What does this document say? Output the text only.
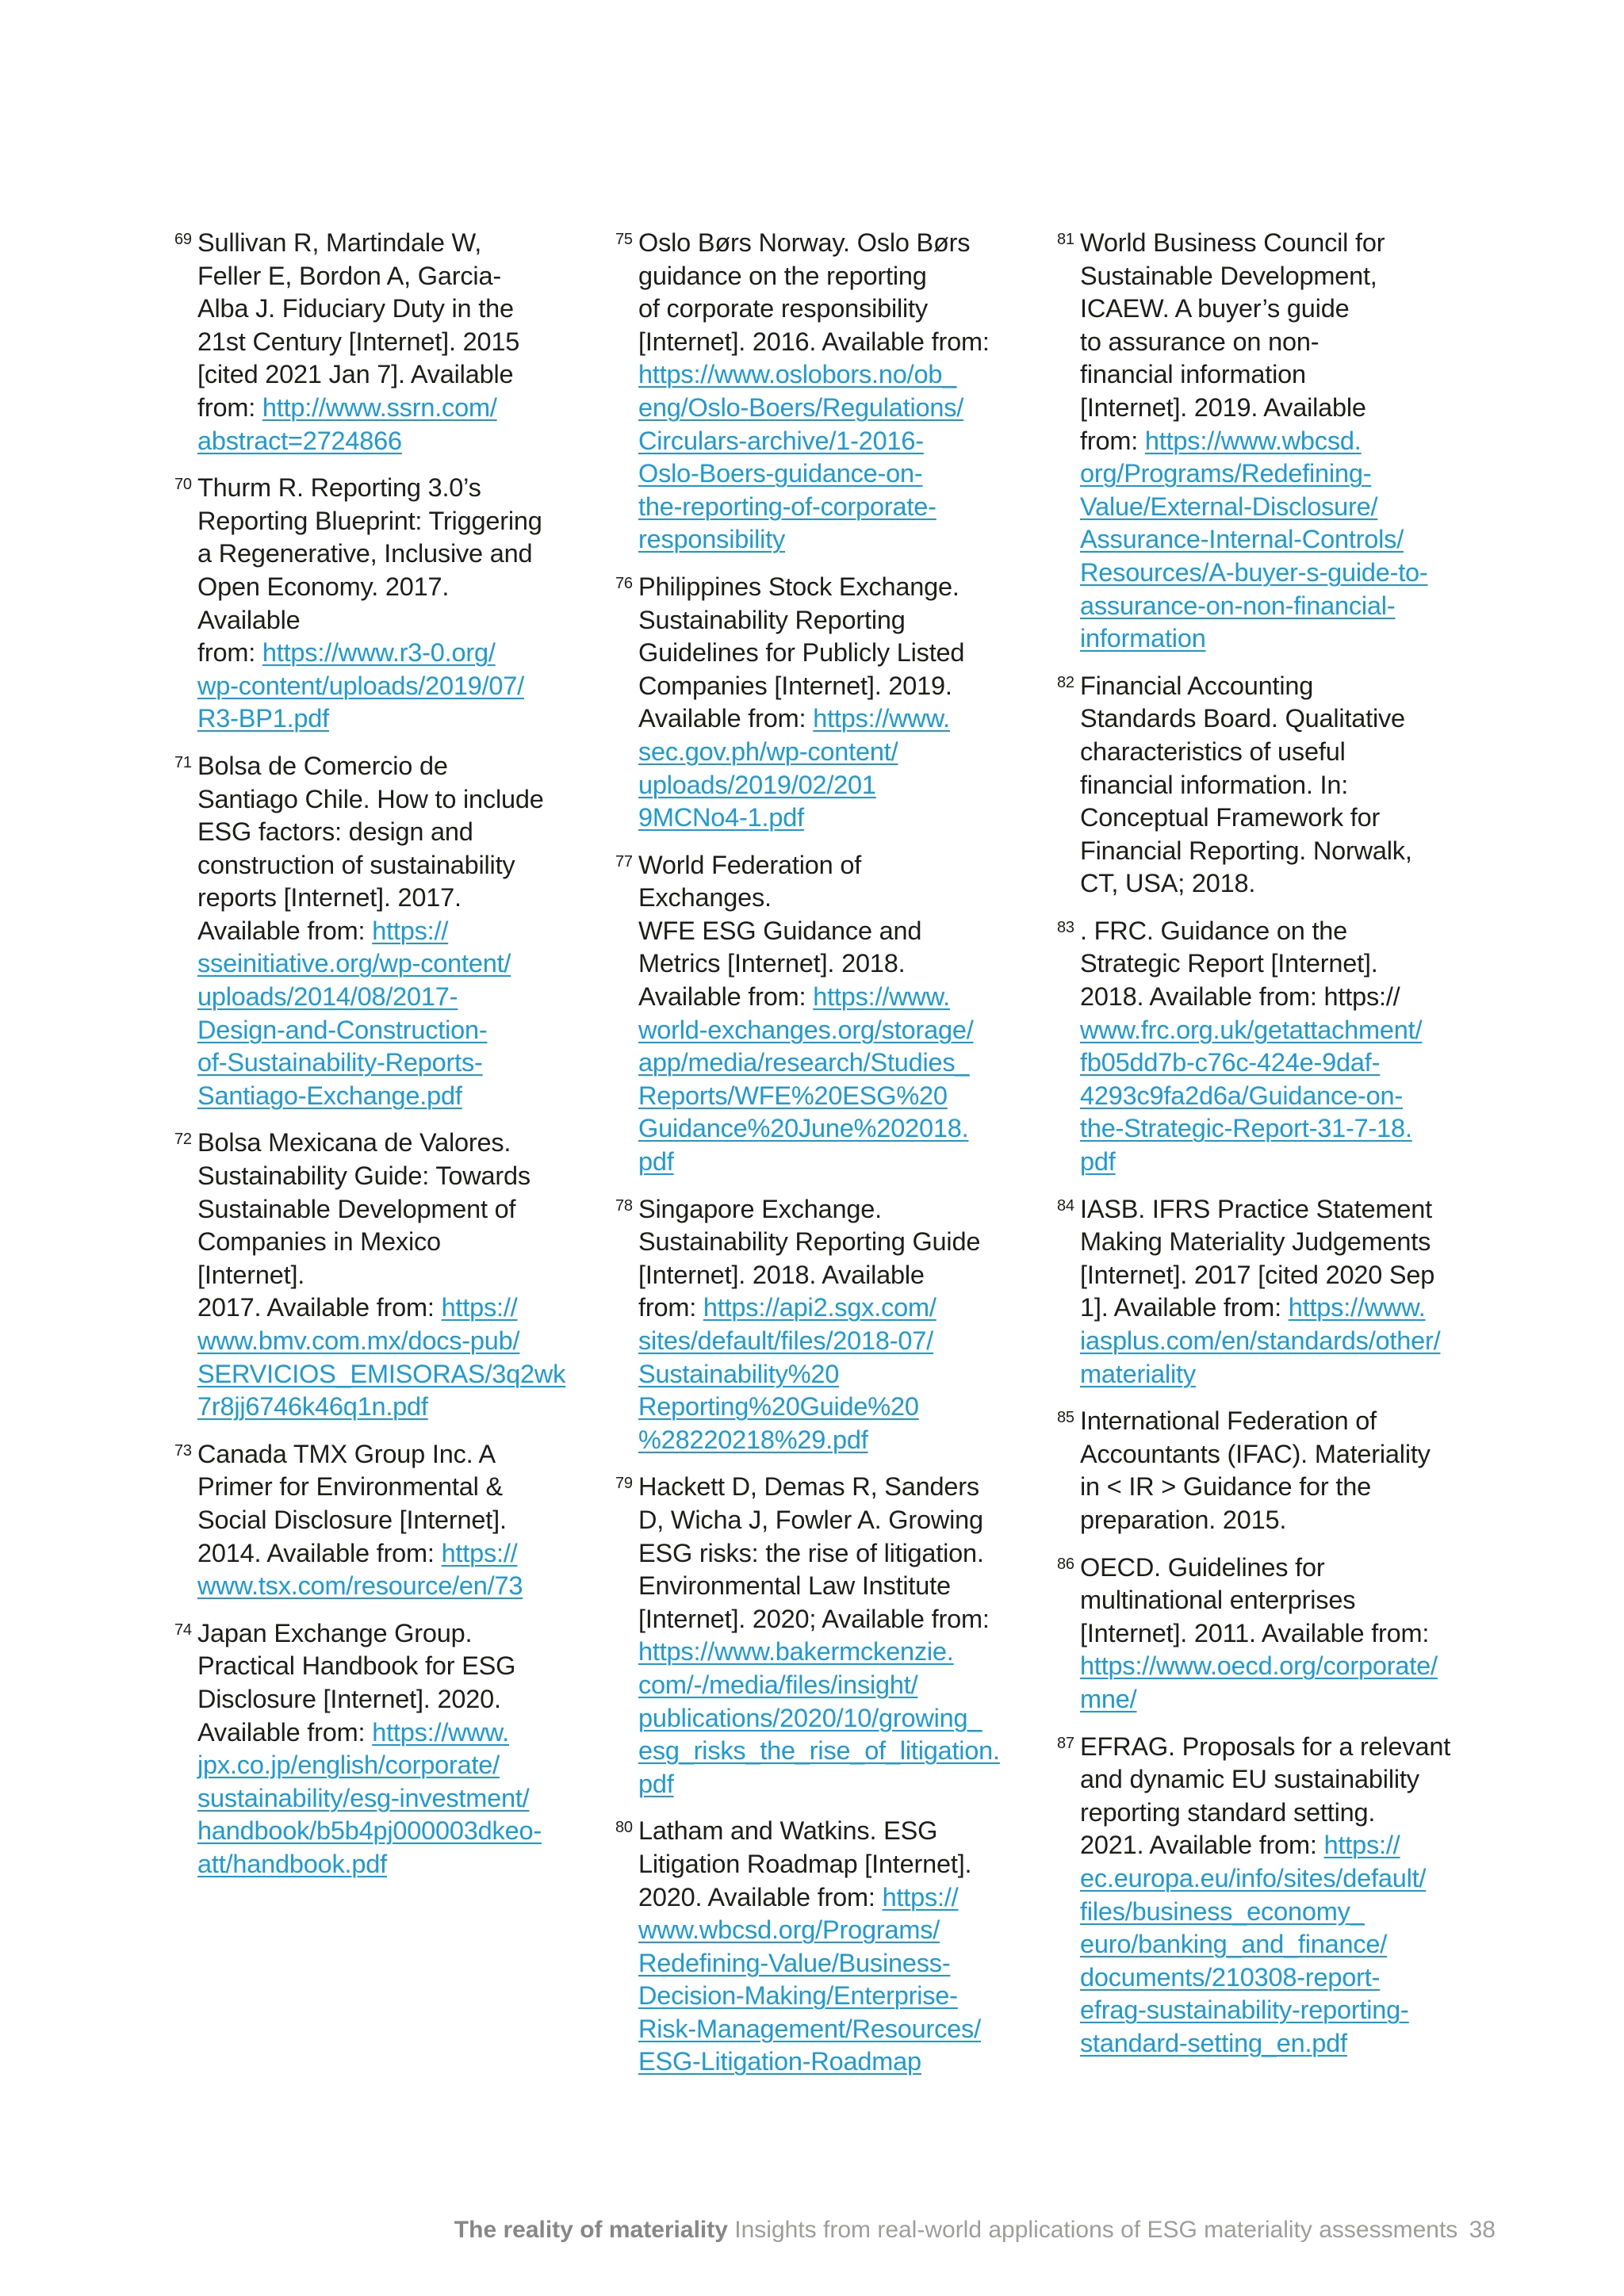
69 Sullivan R, Martindale W,
Feller E, Bordon A, Garcia-
Alba J. Fiduciary Duty in the
21st Century [Internet]. 2015
[cited 2021 Jan 7]. Available
from: http://www.ssrn.com/
abstract=2724866
70 Thurm R. Reporting 3.0’s
Reporting Blueprint: Triggering
a Regenerative, Inclusive and
Open Economy. 2017. Available
from: https://www.r3-0.org/
wp-content/uploads/2019/07/
R3-BP1.pdf
71 Bolsa de Comercio de
Santiago Chile. How to include
ESG factors: design and
construction of sustainability
reports [Internet]. 2017.
Available from: https://
sseinitiative.org/wp-content/
uploads/2014/08/2017-
Design-and-Construction-
of-Sustainability-Reports-
Santiago-Exchange.pdf
72 Bolsa Mexicana de Valores.
Sustainability Guide: Towards
Sustainable Development of
Companies in Mexico [Internet].
2017. Available from: https://
www.bmv.com.mx/docs-pub/
SERVICIOS_EMISORAS/3q2wk
7r8jj6746k46q1n.pdf
73 Canada TMX Group Inc. A
Primer for Environmental &
Social Disclosure [Internet].
2014. Available from: https://
www.tsx.com/resource/en/73
74 Japan Exchange Group.
Practical Handbook for ESG
Disclosure [Internet]. 2020.
Available from: https://www.
jpx.co.jp/english/corporate/
sustainability/esg-investment/
handbook/b5b4pj000003dkeo-
att/handbook.pdf
75 Oslo Børs Norway. Oslo Børs
guidance on the reporting
of corporate responsibility
[Internet]. 2016. Available from:
https://www.oslobors.no/ob_
eng/Oslo-Boers/Regulations/
Circulars-archive/1-2016-
Oslo-Boers-guidance-on-
the-reporting-of-corporate-
responsibility
76 Philippines Stock Exchange.
Sustainability Reporting
Guidelines for Publicly Listed
Companies [Internet]. 2019.
Available from: https://www.
sec.gov.ph/wp-content/
uploads/2019/02/201
9MCNo4-1.pdf
77 World Federation of Exchanges.
WFE ESG Guidance and
Metrics [Internet]. 2018.
Available from: https://www.
world-exchanges.org/storage/
app/media/research/Studies_
Reports/WFE%20ESG%20
Guidance%20June%202018.
pdf
78 Singapore Exchange.
Sustainability Reporting Guide
[Internet]. 2018. Available
from: https://api2.sgx.com/
sites/default/files/2018-07/
Sustainability%20
Reporting%20Guide%20
%28220218%29.pdf
79 Hackett D, Demas R, Sanders
D, Wicha J, Fowler A. Growing
ESG risks: the rise of litigation.
Environmental Law Institute
[Internet]. 2020; Available from:
https://www.bakermckenzie.
com/-/media/files/insight/
publications/2020/10/growing_
esg_risks_the_rise_of_litigation.
pdf
80 Latham and Watkins. ESG
Litigation Roadmap [Internet].
2020. Available from: https://
www.wbcsd.org/Programs/
Redefining-Value/Business-
Decision-Making/Enterprise-
Risk-Management/Resources/
ESG-Litigation-Roadmap
81 World Business Council for
Sustainable Development,
ICAEW. A buyer’s guide
to assurance on non-
financial information
[Internet]. 2019. Available
from: https://www.wbcsd.
org/Programs/Redefining-
Value/External-Disclosure/
Assurance-Internal-Controls/
Resources/A-buyer-s-guide-to-
assurance-on-non-financial-
information
82 Financial Accounting
Standards Board. Qualitative
characteristics of useful
financial information. In:
Conceptual Framework for
Financial Reporting. Norwalk,
CT, USA; 2018.
83 . FRC. Guidance on the
Strategic Report [Internet].
2018. Available from: https://
www.frc.org.uk/getattachment/
fb05dd7b-c76c-424e-9daf-
4293c9fa2d6a/Guidance-on-
the-Strategic-Report-31-7-18.
pdf
84 IASB. IFRS Practice Statement
Making Materiality Judgements
[Internet]. 2017 [cited 2020 Sep
1]. Available from: https://www.
iasplus.com/en/standards/other/
materiality
85 International Federation of
Accountants (IFAC). Materiality
in < IR > Guidance for the
preparation. 2015.
86 OECD. Guidelines for
multinational enterprises
[Internet]. 2011. Available from:
https://www.oecd.org/corporate/
mne/
87 EFRAG. Proposals for a relevant
and dynamic EU sustainability
reporting standard setting.
2021. Available from: https://
ec.europa.eu/info/sites/default/
files/business_economy_
euro/banking_and_finance/
documents/210308-report-
efrag-sustainability-reporting-
standard-setting_en.pdf
The reality of materiality Insights from real-world applications of ESG materiality assessments 38
